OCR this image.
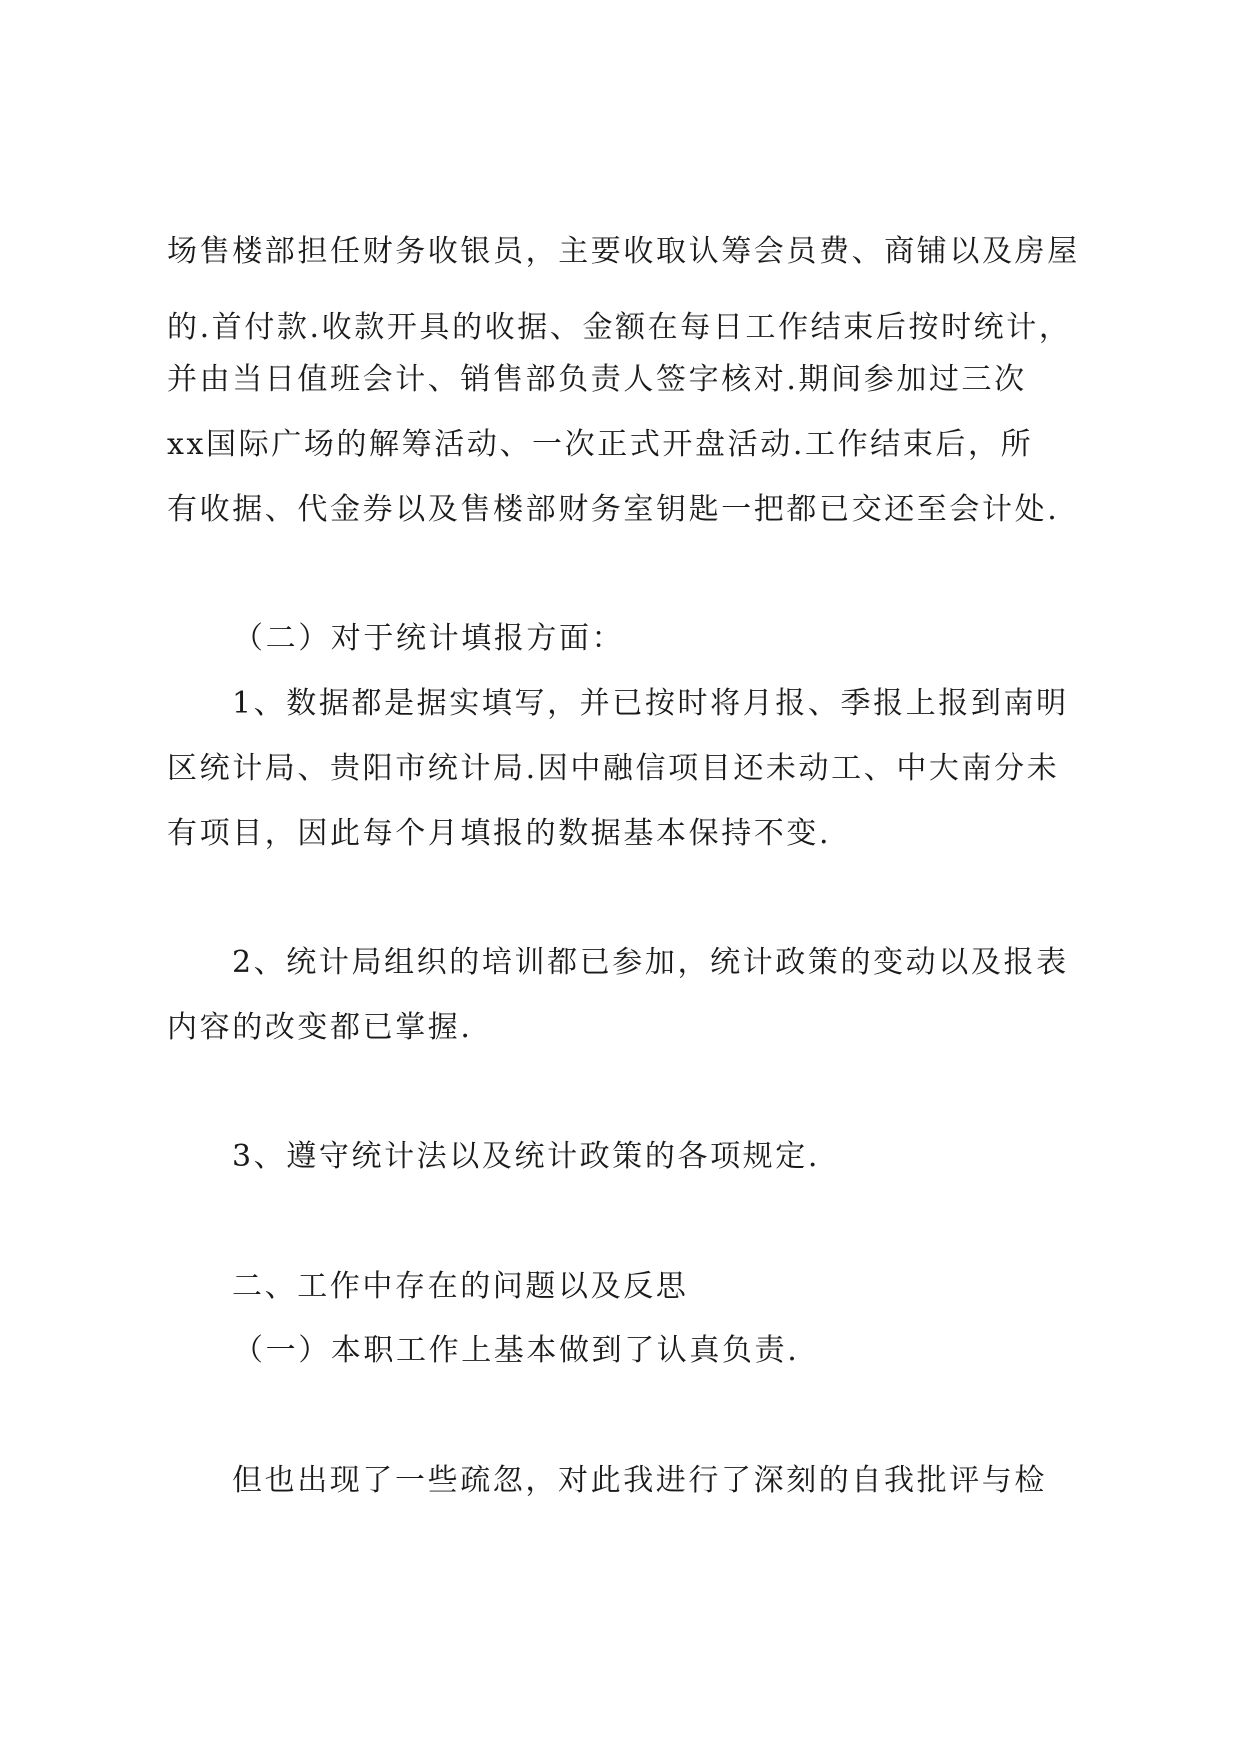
场售楼部担任财务收银员，主要收取认筹会员费、商铺以及房屋
的.首付款.收款开具的收据、金额在每日工作结束后按时统计，
并由当日值班会计、销售部负责人签字核对.期间参加过三次
xx国际广场的解筹活动、一次正式开盘活动.工作结束后，所
有收据、代金券以及售楼部财务室钥匙一把都已交还至会计处.
（二）对于统计填报方面：
1、数据都是据实填写，并已按时将月报、季报上报到南明
区统计局、贵阳市统计局.因中融信项目还未动工、中大南分未
有项目，因此每个月填报的数据基本保持不变.
2、统计局组织的培训都已参加，统计政策的变动以及报表
内容的改变都已掌握.
3、遵守统计法以及统计政策的各项规定.
二、工作中存在的问题以及反思
（一）本职工作上基本做到了认真负责.
但也出现了一些疏忽，对此我进行了深刻的自我批评与检
